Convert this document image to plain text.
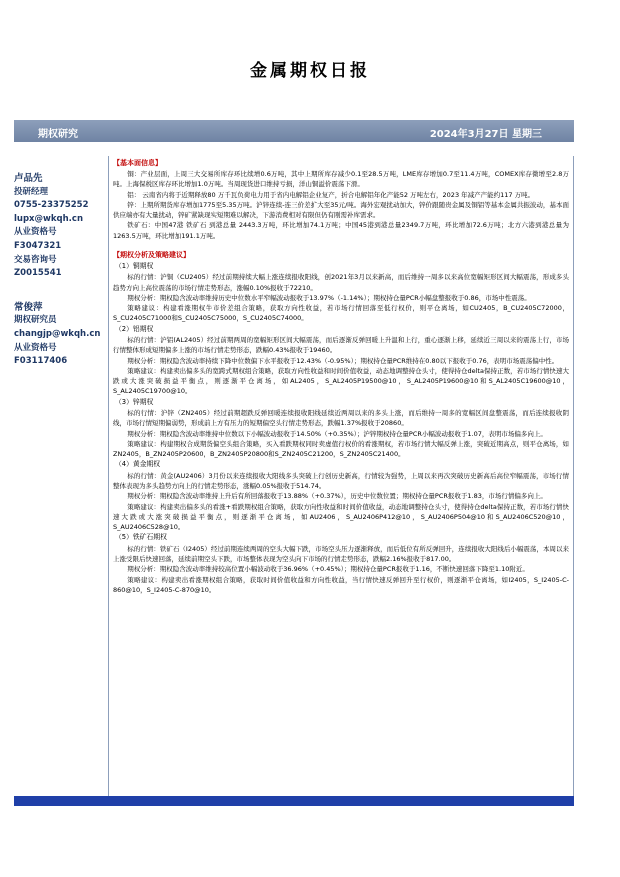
金属期权日报
期权研究	2024年3月27日 星期三
卢品先
投研经理
0755-23375252
lupx@wkqh.cn
从业资格号
F3047321
交易咨询号
Z0015541
常俊萍
期权研究员
changjp@wkqh.cn
从业资格号
F03117406
【基本面信息】

铜：产业层面，上周三大交易所库存环比续增0.6万吨，其中上期所库存减少0.1至28.5万吨，LME库存增加0.7至11.4万吨，COMEX库存微增至2.8万吨。上海保税区库存环比增加1.0万吨。当周现货进口维持亏损，洋山铜溢价震荡下滑。

铝： 云南省内将于近期释放80 万千瓦负荷电力用于省内电解铝企业复产，折合电解铝年化产能52 万吨左右，2023 年减产产能约117 万吨。

锌：上期所期货库存增加1775至5.35万吨。沪锌连续-连三价差扩大至35元/吨。海外宏观扰动加大，锌价跟随贵金属及铜铝等基本金属共振波动，基本面供应端亦有大量扰动，锌矿紧缺现实短期难以解决，下游消费相对有限但仍有刚需补库需求。

铁矿石：中国47港 铁矿石 到港总量 2443.3万吨，环比增加74.1万吨；中国45港到港总量2349.7万吨，环比增加72.6万吨；北方六港到港总量为1263.5万吨，环比增加191.1万吨。

【期权分析及策略建议】
（1）铜期权

标的行情：沪铜（CU2405）经过前期持续大幅上涨连续报收阳线，创2021年3月以来新高，而后维持一周多以来高位宽幅矩形区间大幅震荡，形成多头趋势方向上高位震荡的市场行情走势形态，涨幅0.10%报收于72210。

期权分析：期权隐含波动率维持历史中位数水平窄幅波动报收于13.97%（-1.14%）；期权持仓量PCR小幅盘整报收于0.86，市场中性震荡。

策略建议：构建看涨期权牛市价差组合策略，获取方向性收益，若市场行情回落至低行权价，则平仓离场，如CU2405，B_CU2405C72000，S_CU2405C71000和S_CU2405C75000，S_CU2405C74000。

（2）铝期权

标的行情：沪铝(AL2405）经过前期两周的宽幅矩形区间大幅震荡，而后逐渐反弹回暖上升温和上行，重心逐渐上移，延续近三周以来的震荡上行，市场行情整体形成短期偏多上涨的市场行情走势形态，跌幅0.43%报收于19460。

期权分析：期权隐含波动率持续下降中位数偏下水平报收于12.43%（-0.95%）；期权持仓量PCR维持在0.80以下报收于0.76，表明市场震荡偏中性。

策略建议：构建卖出偏多头的宽跨式期权组合策略，获取方向性收益和时间价值收益，动态地调整持仓头寸，使得持仓delta保持正数，若市场行情快速大跌或大涨突破损益平衡点，则逐渐平仓离场，如AL2405，S_AL2405P19500@10，S_AL2405P19600@10和S_AL2405C19600@10，S_AL2405C19700@10。

（3）锌期权

标的行情：沪锌（ZN2405）经过前期超跌反弹回暖连续报收阳线延续近两周以来的多头上涨，而后维持一周多的宽幅区间盘整震荡，而后连续报收阴线，市场行情短期偏弱势，形成前上方有压力的短期偏空头行情走势形态，跌幅1.37%报收于20860。

期权分析：期权隐含波动率维持中位数以下小幅波动报收于14.50%（+0.35%）；沪锌期权持仓量PCR小幅波动报收于1.07，表明市场偏多向上。

策略建议：构建期权合成期货偏空头组合策略，买入看跌期权同时卖虚值行权价的看涨期权，若市场行情大幅反弹上涨，突破近期高点，则平仓离场，如ZN2405，B_ZN2405P20600，B_ZN2405P20800和S_ZN2405C21200，S_ZN2405C21400。

（4）黄金期权

标的行情：黄金(AU2406）3月份以来连续报收大阳线多头突破上行创历史新高，行情较为强势，上周以来再次突破历史新高后高位窄幅震荡，市场行情整体表现为多头趋势方向上的行情走势形态，涨幅0.05%报收于514.74。

期权分析：期权隐含波动率维持上升后有所回落报收于13.88%（+0.37%），历史中位数位置；期权持仓量PCR报收于1.83，市场行情偏多向上。

策略建议：构建卖出偏多头的看涨+看跌期权组合策略，获取方向性收益和时间价值收益，动态地调整持仓头寸，使得持仓delta保持正数，若市场行情快速大跌或大涨突破损益平衡点，则逐渐平仓离场，如AU2406，S_AU2406P412@10，S_AU2406P504@10和S_AU2406C520@10，S_AU2406C528@10。

（5）铁矿石期权

标的行情：铁矿石（I2405）经过前期连续两周的空头大幅下跌，市场空头压力逐渐释放，而后低位有所反弹回升，连续报收大阳线后小幅震荡，本周以来上涨受限后快速回落，延续前期空头下跌，市场整体表现为空头向下市场的行情走势形态，跌幅2.16%报收于817.00。

期权分析：期权隐含波动率维持较高位置小幅波动收于36.96%（+0.45%）；期权持仓量PCR报收于1.16，不断快速回落下降至1.10附近。

策略建议：构建卖出看涨期权组合策略，获取时间价值收益和方向性收益，当行情快速反弹回升至行权价，则逐渐平仓离场，如I2405，S_I2405-C-860@10，S_I2405-C-870@10。
